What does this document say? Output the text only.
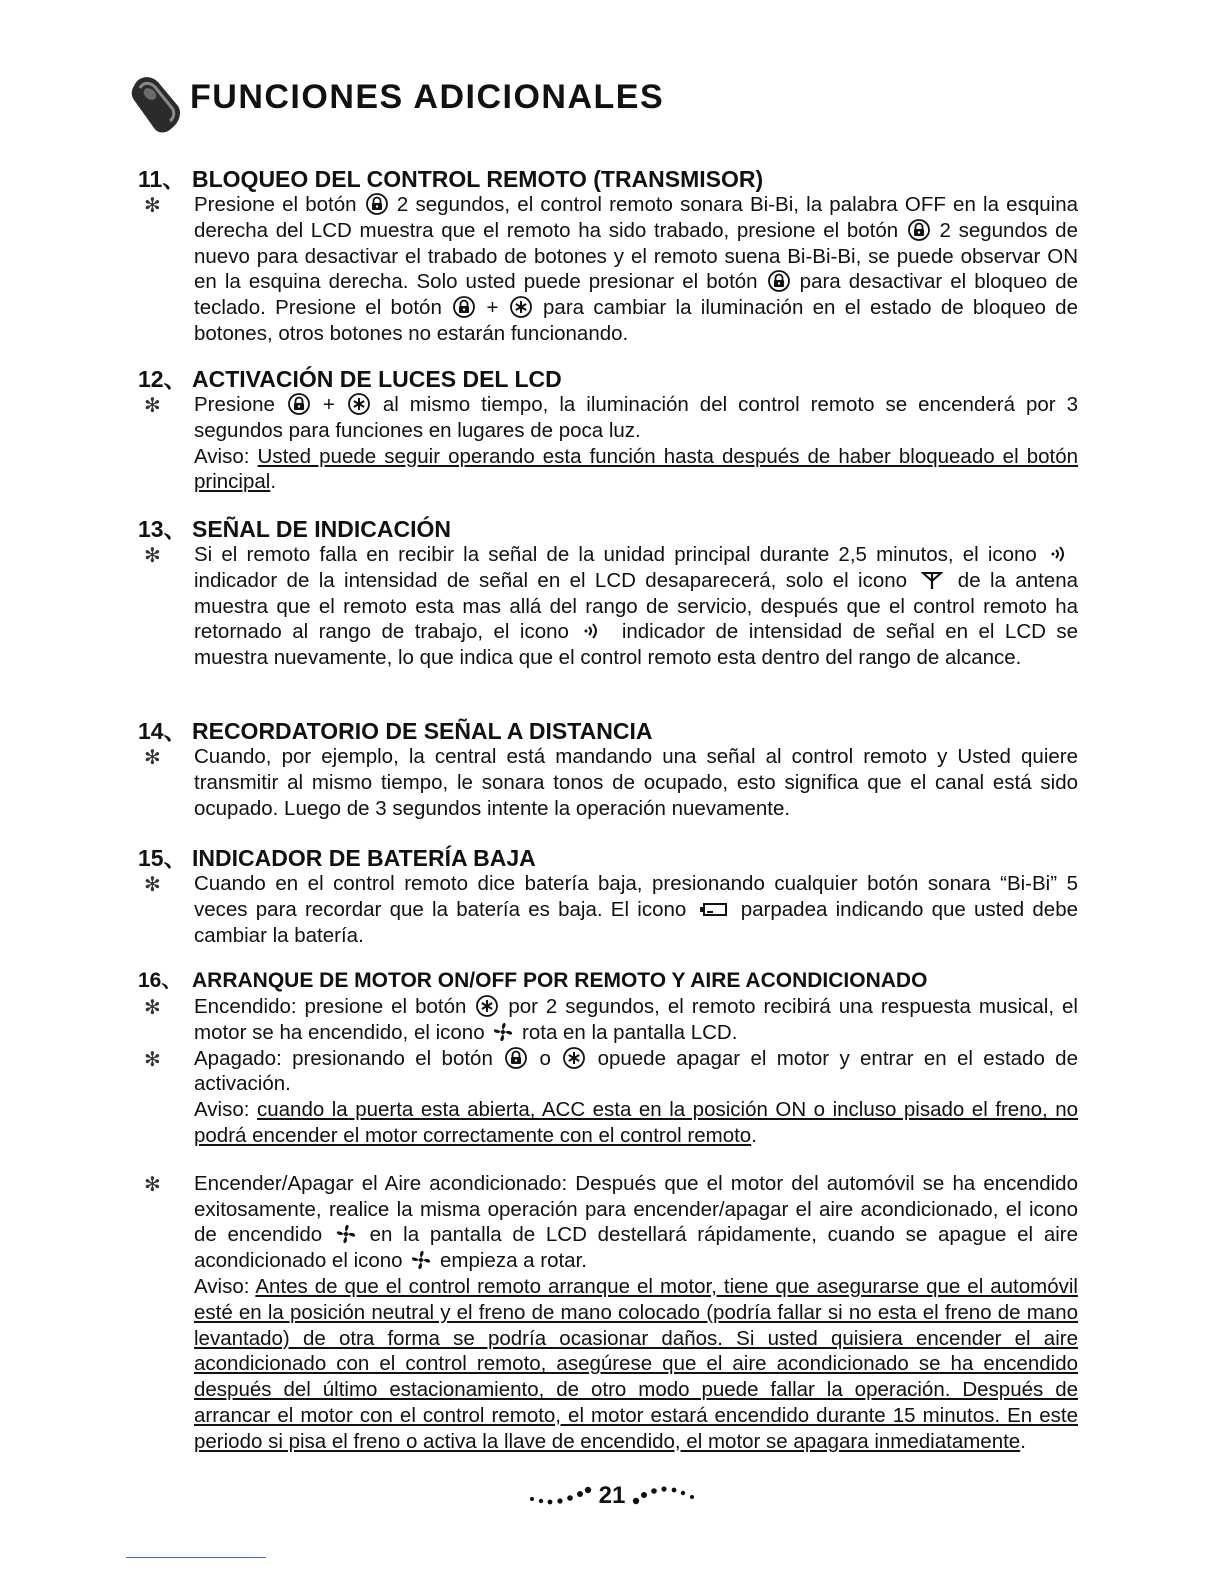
FUNCIONES ADICIONALES
11、 BLOQUEO DEL CONTROL REMOTO (TRANSMISOR)
✻ Presione el botón 2 segundos, el control remoto sonara Bi-Bi, la palabra OFF en la esquina derecha del LCD muestra que el remoto ha sido trabado, presione el botón 2 segundos de nuevo para desactivar el trabado de botones y el remoto suena Bi-Bi-Bi, se puede observar ON en la esquina derecha. Solo usted puede presionar el botón para desactivar el bloqueo de teclado. Presione el botón + para cambiar la iluminación en el estado de bloqueo de botones, otros botones no estarán funcionando.

12、 ACTIVACIÓN DE LUCES DEL LCD
✻ Presione + al mismo tiempo, la iluminación del control remoto se encenderá por 3 segundos para funciones en lugares de poca luz.
Aviso: Usted puede seguir operando esta función hasta después de haber bloqueado el botón principal.

13、 SEÑAL DE INDICACIÓN
✻ Si el remoto falla en recibir la señal de la unidad principal durante 2,5 minutos, el icono  indicador de la intensidad de señal en el LCD desaparecerá, solo el icono de la antena muestra que el remoto esta mas allá del rango de servicio, después que el control remoto ha retornado al rango de trabajo, el icono	indicador de intensidad de señal en el LCD se muestra nuevamente, lo que indica que el control remoto esta dentro del rango de alcance.

14、 RECORDATORIO DE SEÑAL A DISTANCIA
✻ Cuando, por ejemplo, la central está mandando una señal al control remoto y Usted quiere transmitir al mismo tiempo, le sonara tonos de ocupado, esto significa que el canal está sido ocupado. Luego de 3 segundos intente la operación nuevamente.

15、 INDICADOR DE BATERÍA BAJA
✻ Cuando en el control remoto dice batería baja, presionando cualquier botón sonara “Bi-Bi” 5 veces para recordar que la batería es baja. El icono	parpadea indicando que usted debe cambiar la batería.

16、 ARRANQUE DE MOTOR ON/OFF POR REMOTO Y AIRE ACONDICIONADO
✻ Encendido: presione el botón por 2 segundos, el remoto recibirá una respuesta musical, el motor se ha encendido, el icono rota en la pantalla LCD.

✻ Apagado: presionando el botón o opuede apagar el motor y entrar en el estado de activación.
Aviso: cuando la puerta esta abierta, ACC esta en la posición ON o incluso pisado el freno, no podrá encender el motor correctamente con el control remoto.

✻ Encender/Apagar el Aire acondicionado: Después que el motor del automóvil se ha encendido exitosamente, realice la misma operación para encender/apagar el aire acondicionado, el icono de encendido en la pantalla de LCD destellará rápidamente, cuando se apague el aire acondicionado el icono empieza a rotar.
Aviso: Antes de que el control remoto arranque el motor, tiene que asegurarse que el automóvil esté en la posición neutral y el freno de mano colocado (podría fallar si no esta el freno de mano levantado) de otra forma se podría ocasionar daños. Si usted quisiera encender el aire acondicionado con el control remoto, asegúrese que el aire acondicionado se ha encendido después del último estacionamiento, de otro modo puede fallar la operación. Después de arrancar el motor con el control remoto, el motor estará encendido durante 15 minutos. En este periodo si pisa el freno o activa la llave de encendido, el motor se apagara inmediatamente.

21
